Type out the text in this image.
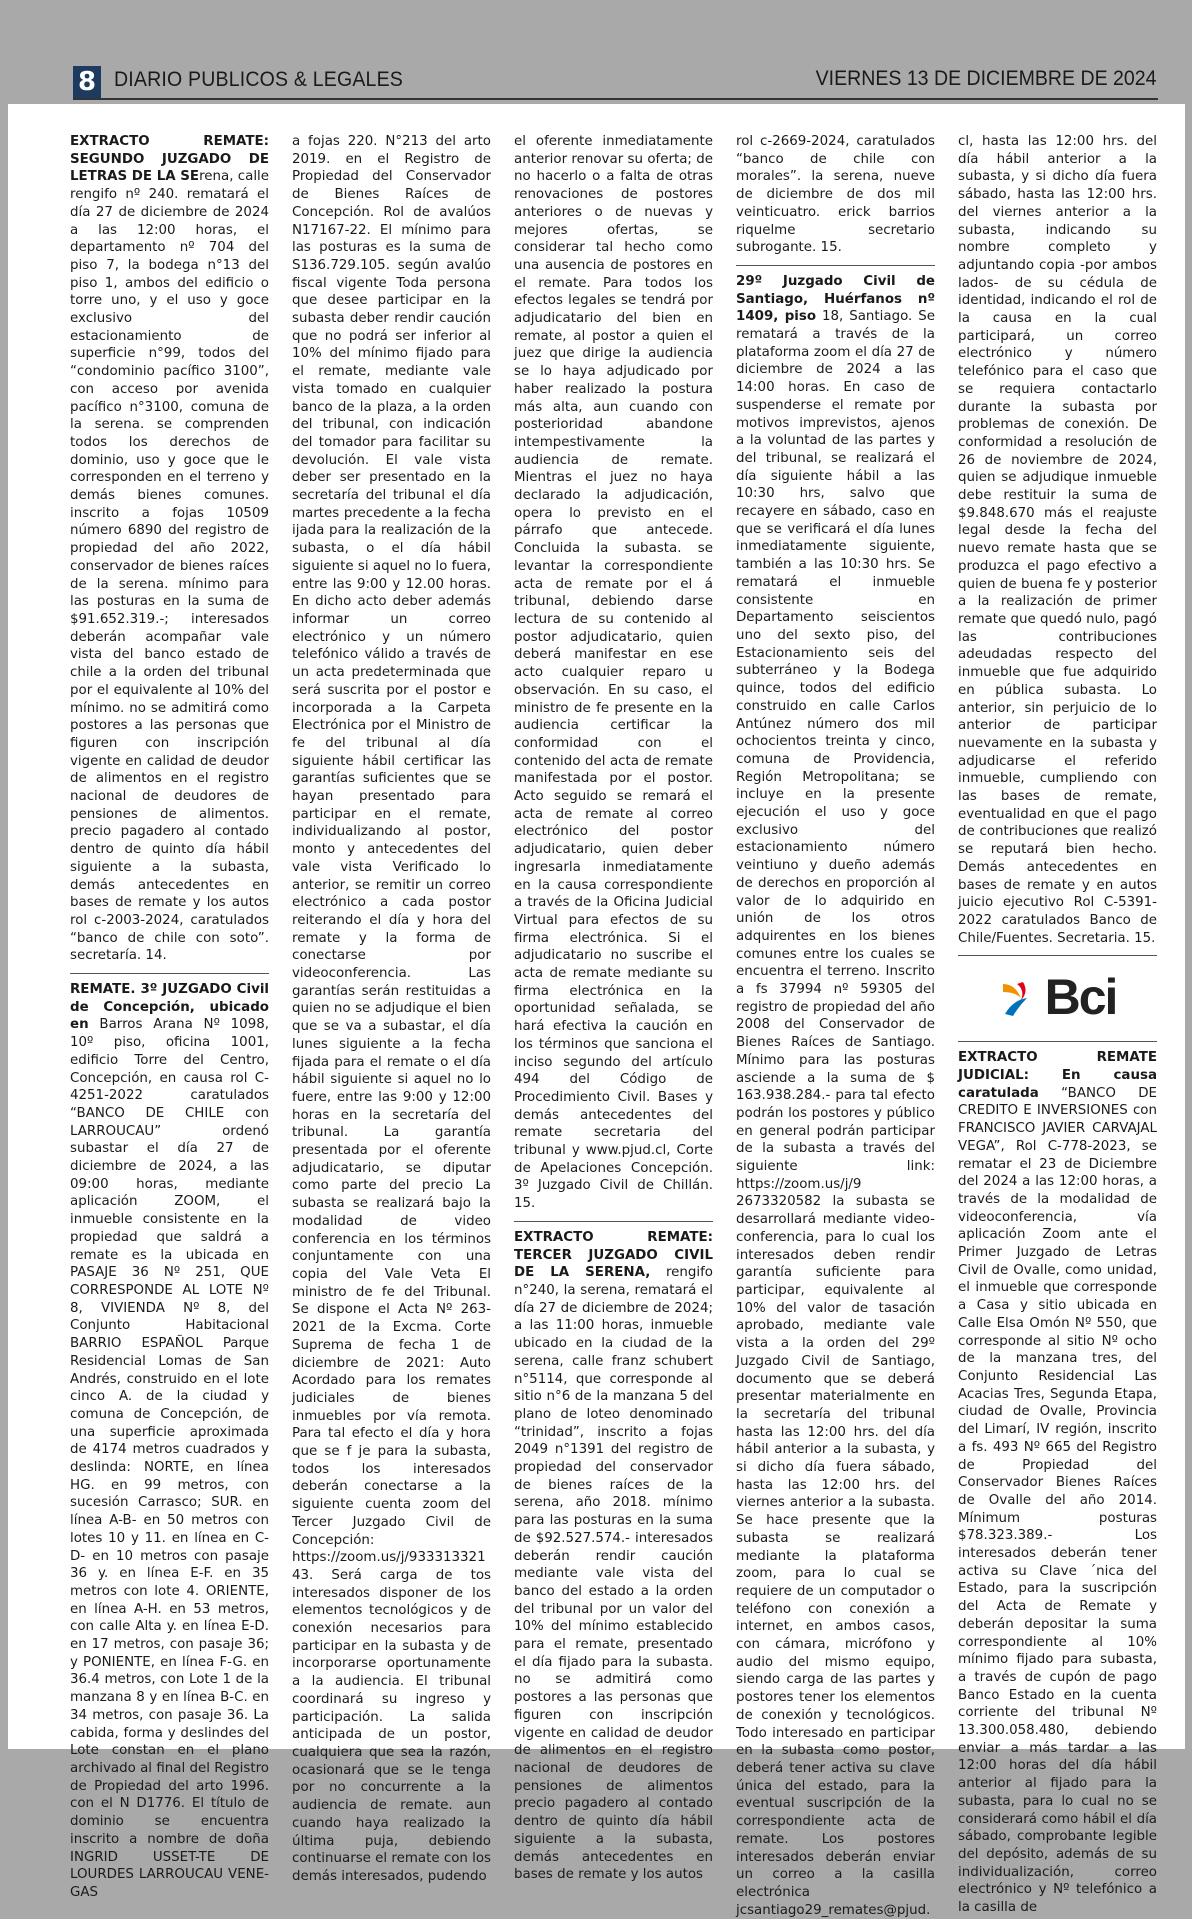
8 DIARIO PUBLICOS & LEGALES	VIERNES 13 DE DICIEMBRE DE 2024

EXTRACTO REMATE: SEGUNDO JUZGADO DE LETRAS DE LA SErena, calle rengifo nº 240. rematará el día 27 de diciembre de 2024 a las 12:00 horas, el departamento nº 704 del piso 7, la bodega n°13 del piso 1, ambos del edificio o torre uno, y el uso y goce exclusivo del estacionamiento de superficie n°99, todos del “condominio pacífico 3100”, con acceso por avenida pacífico n°3100, comuna de la serena. se comprenden todos los derechos de dominio, uso y goce que le corresponden en el terreno y demás bienes comunes. inscrito a fojas 10509 número 6890 del registro de propiedad del año 2022, conservador de bienes raíces de la serena. mínimo para las posturas en la suma de $91.652.319.-; interesados deberán acompañar vale vista del banco estado de chile a la orden del tribunal por el equivalente al 10% del mínimo. no se admitirá como postores a las personas que figuren con inscripción vigente en calidad de deudor de alimentos en el registro nacional de deudores de pensiones de alimentos. precio pagadero al contado dentro de quinto día hábil siguiente a la subasta, demás antecedentes en bases de remate y los autos rol c-2003-2024, caratulados “banco de chile con soto”. secretaría. 14.

REMATE. 3º JUZGADO Civil de Concepción, ubicado en Barros Arana Nº 1098, 10º piso, oficina 1001, edificio Torre del Centro, Concepción, en causa rol C-4251-2022 caratulados “BANCO DE CHILE con LARROUCAU” ordenó subastar el día 27 de diciembre de 2024, a las 09:00 horas, mediante aplicación ZOOM, el inmueble consistente en la propiedad que saldrá a remate es la ubicada en PASAJE 36 Nº 251, QUE CORRESPONDE AL LOTE Nº 8, VIVIENDA Nº 8, del Conjunto Habitacional BARRIO ESPAÑOL Parque Residencial Lomas de San Andrés, construido en el lote cinco A. de la ciudad y comuna de Concepción, de una superficie aproximada de 4174 metros cuadrados y deslinda: NORTE, en línea HG. en 99 metros, con sucesión Carrasco; SUR. en línea A-B- en 50 metros con lotes 10 y 11. en línea en C-D- en 10 metros con pasaje 36 y. en línea E-F. en 35 metros con lote 4. ORIENTE, en línea A-H. en 53 metros, con calle Alta y. en línea E-D. en 17 metros, con pasaje 36; y PONIENTE, en línea F-G. en 36.4 metros, con Lote 1 de la manzana 8 y en línea B-C. en 34 metros, con pasaje 36. La cabida, forma y deslindes del Lote constan en el plano archivado al final del Registro de Propiedad del arto 1996. con el N D1776. El título de dominio se encuentra inscrito a nombre de doña INGRID USSET-TE DE LOURDES LARROUCAU VENE-GAS

a fojas 220. N°213 del arto 2019. en el Registro de Propiedad del Conservador de Bienes Raíces de Concepción. Rol de avalúos N17167-22. El mínimo para las posturas es la suma de S136.729.105. según avalúo fiscal vigente Toda persona que desee participar en la subasta deber rendir caución que no podrá ser inferior al 10% del mínimo fijado para el remate, mediante vale vista tomado en cualquier banco de la plaza, a la orden del tribunal, con indicación del tomador para facilitar su devolución. El vale vista deber ser presentado en la secretaría del tribunal el día martes precedente a la fecha ijada para la realización de la subasta, o el día hábil siguiente si aquel no lo fuera, entre las 9:00 y 12.00 horas. En dicho acto deber además informar un correo electrónico y un número telefónico válido a través de un acta predeterminada que será suscrita por el postor e incorporada a la Carpeta Electrónica por el Ministro de fe del tribunal al día siguiente hábil certificar las garantías suficientes que se hayan presentado para participar en el remate, individualizando al postor, monto y antecedentes del vale vista Verificado lo anterior, se remitir un correo electrónico a cada postor reiterando el día y hora del remate y la forma de conectarse por videoconferencia. Las garantías serán restituidas a quien no se adjudique el bien que se va a subastar, el día lunes siguiente a la fecha fijada para el remate o el día hábil siguiente si aquel no lo fuere, entre las 9:00 y 12:00 horas en la secretaría del tribunal. La garantía presentada por el oferente adjudicatario, se diputar como parte del precio La subasta se realizará bajo la modalidad de video conferencia en los términos conjuntamente con una copia del Vale Veta El ministro de fe del Tribunal. Se dispone el Acta Nº 263-2021 de la Excma. Corte Suprema de fecha 1 de diciembre de 2021: Auto Acordado para los remates judiciales de bienes inmuebles por vía remota. Para tal efecto el día y hora que se f je para la subasta, todos los interesados deberán conectarse a la siguiente cuenta zoom del Tercer Juzgado Civil de Concepción: https://zoom.us/j/93331332143. Será carga de tos interesados disponer de los elementos tecnológicos y de conexión necesarios para participar en la subasta y de incorporarse oportunamente a la audiencia. El tribunal coordinará su ingreso y participación. La salida anticipada de un postor, cualquiera que sea la razón, ocasionará que se le tenga por no concurrente a la audiencia de remate. aun cuando haya realizado la última puja, debiendo continuarse el remate con los demás interesados, pudendo

el oferente inmediatamente anterior renovar su oferta; de no hacerlo o a falta de otras renovaciones de postores anteriores o de nuevas y mejores ofertas, se considerar tal hecho como una ausencia de postores en el remate. Para todos los efectos legales se tendrá por adjudicatario del bien en remate, al postor a quien el juez que dirige la audiencia se lo haya adjudicado por haber realizado la postura más alta, aun cuando con posterioridad abandone intempestivamente la audiencia de remate. Mientras el juez no haya declarado la adjudicación, opera lo previsto en el párrafo que antecede. Concluida la subasta. se levantar la correspondiente acta de remate por el á tribunal, debiendo darse lectura de su contenido al postor adjudicatario, quien deberá manifestar en ese acto cualquier reparo u observación. En su caso, el ministro de fe presente en la audiencia certificar la conformidad con el contenido del acta de remate manifestada por el postor. Acto seguido se remará el acta de remate al correo electrónico del postor adjudicatario, quien deber ingresarla inmediatamente en la causa correspondiente a través de la Oficina Judicial Virtual para efectos de su firma electrónica. Si el adjudicatario no suscribe el acta de remate mediante su firma electrónica en la oportunidad señalada, se hará efectiva la caución en los términos que sanciona el inciso segundo del artículo 494 del Código de Procedimiento Civil. Bases y demás antecedentes del remate secretaria del tribunal y www.pjud.cl, Corte de Apelaciones Concepción. 3º Juzgado Civil de Chillán. 15.

EXTRACTO REMATE: TERCER JUZGADO CIVIL DE LA SERENA, rengifo n°240, la serena, rematará el día 27 de diciembre de 2024; a las 11:00 horas, inmueble ubicado en la ciudad de la serena, calle franz schubert n°5114, que corresponde al sitio n°6 de la manzana 5 del plano de loteo denominado “trinidad”, inscrito a fojas 2049 n°1391 del registro de propiedad del conservador de bienes raíces de la serena, año 2018. mínimo para las posturas en la suma de $92.527.574.- interesados deberán rendir caución mediante vale vista del banco del estado a la orden del tribunal por un valor del 10% del mínimo establecido para el remate, presentado el día fijado para la subasta. no se admitirá como postores a las personas que figuren con inscripción vigente en calidad de deudor de alimentos en el registro nacional de deudores de pensiones de alimentos precio pagadero al contado dentro de quinto día hábil siguiente a la subasta, demás antecedentes en bases de remate y los autos

rol c-2669-2024, caratulados “banco de chile con morales”. la serena, nueve de diciembre de dos mil veinticuatro. erick barrios riquelme secretario subrogante. 15.

29º Juzgado Civil de Santiago, Huérfanos nº 1409, piso 18, Santiago. Se rematará a través de la plataforma zoom el día 27 de diciembre de 2024 a las 14:00 horas. En caso de suspenderse el remate por motivos imprevistos, ajenos a la voluntad de las partes y del tribunal, se realizará el día siguiente hábil a las 10:30 hrs, salvo que recayere en sábado, caso en que se verificará el día lunes inmediatamente siguiente, también a las 10:30 hrs. Se rematará el inmueble consistente en Departamento seiscientos uno del sexto piso, del Estacionamiento seis del subterráneo y la Bodega quince, todos del edificio construido en calle Carlos Antúnez número dos mil ochocientos treinta y cinco, comuna de Providencia, Región Metropolitana; se incluye en la presente ejecución el uso y goce exclusivo del estacionamiento número veintiuno y dueño además de derechos en proporción al valor de lo adquirido en unión de los otros adquirentes en los bienes comunes entre los cuales se encuentra el terreno. Inscrito a fs 37994 nº 59305 del registro de propiedad del año 2008 del Conservador de Bienes Raíces de Santiago. Mínimo para las posturas asciende a la suma de $ 163.938.284.- para tal efecto podrán los postores y público en general podrán participar de la subasta a través del siguiente link: https://zoom.us/j/9 2673320582 la subasta se desarrollará mediante video-conferencia, para lo cual los interesados deben rendir garantía suficiente para participar, equivalente al 10% del valor de tasación aprobado, mediante vale vista a la orden del 29º Juzgado Civil de Santiago, documento que se deberá presentar materialmente en la secretaría del tribunal hasta las 12:00 hrs. del día hábil anterior a la subasta, y si dicho día fuera sábado, hasta las 12:00 hrs. del viernes anterior a la subasta. Se hace presente que la subasta se realizará mediante la plataforma zoom, para lo cual se requiere de un computador o teléfono con conexión a internet, en ambos casos, con cámara, micrófono y audio del mismo equipo, siendo carga de las partes y postores tener los elementos de conexión y tecnológicos. Todo interesado en participar en la subasta como postor, deberá tener activa su clave única del estado, para la eventual suscripción de la correspondiente acta de remate. Los postores interesados deberán enviar un correo a la casilla electrónica jcsantiago29_remates@pjud.

cl, hasta las 12:00 hrs. del día hábil anterior a la subasta, y si dicho día fuera sábado, hasta las 12:00 hrs. del viernes anterior a la subasta, indicando su nombre completo y adjuntando copia -por ambos lados- de su cédula de identidad, indicando el rol de la causa en la cual participará, un correo electrónico y número telefónico para el caso que se requiera contactarlo durante la subasta por problemas de conexión. De conformidad a resolución de 26 de noviembre de 2024, quien se adjudique inmueble debe restituir la suma de $9.848.670 más el reajuste legal desde la fecha del nuevo remate hasta que se produzca el pago efectivo a quien de buena fe y posterior a la realización de primer remate que quedó nulo, pagó las contribuciones adeudadas respecto del inmueble que fue adquirido en pública subasta. Lo anterior, sin perjuicio de lo anterior de participar nuevamente en la subasta y adjudicarse el referido inmueble, cumpliendo con las bases de remate, eventualidad en que el pago de contribuciones que realizó se reputará bien hecho. Demás antecedentes en bases de remate y en autos juicio ejecutivo Rol C-5391-2022 caratulados Banco de Chile/Fuentes. Secretaria. 15.

Bci

EXTRACTO REMATE JUDICIAL: En causa caratulada “BANCO DE CREDITO E INVERSIONES con FRANCISCO JAVIER CARVAJAL VEGA”, Rol C-778-2023, se rematar el 23 de Diciembre del 2024 a las 12:00 horas, a través de la modalidad de videoconferencia, vía aplicación Zoom ante el Primer Juzgado de Letras Civil de Ovalle, como unidad, el inmueble que corresponde a Casa y sitio ubicada en Calle Elsa Omón Nº 550, que corresponde al sitio Nº ocho de la manzana tres, del Conjunto Residencial Las Acacias Tres, Segunda Etapa, ciudad de Ovalle, Provincia del Limarí, IV región, inscrito a fs. 493 Nº 665 del Registro de Propiedad del Conservador Bienes Raíces de Ovalle del año 2014. Mínimum posturas $78.323.389.- Los interesados deberán tener activa su Clave ´nica del Estado, para la suscripción del Acta de Remate y deberán depositar la suma correspondiente al 10% mínimo fijado para subasta, a través de cupón de pago Banco Estado en la cuenta corriente del tribunal Nº 13.300.058.480, debiendo enviar a más tardar a las 12:00 horas del día hábil anterior al fijado para la subasta, para lo cual no se considerará como hábil el día sábado, comprobante legible del depósito, además de su individualización, correo electrónico y Nº telefónico a la casilla de
